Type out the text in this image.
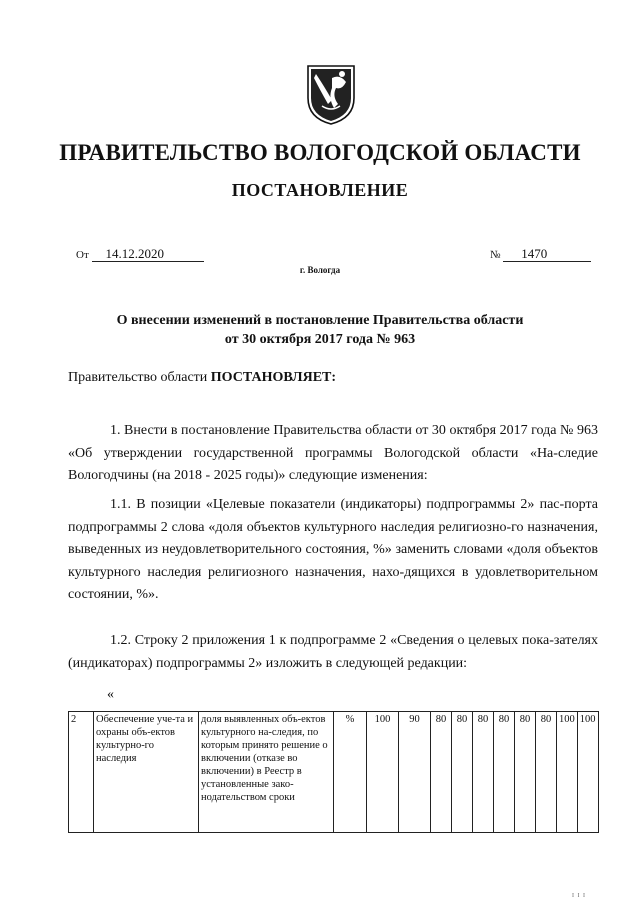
ПРАВИТЕЛЬСТВО ВОЛОГОДСКОЙ ОБЛАСТИ
ПОСТАНОВЛЕНИЕ
От 14.12.2020	№ 1470
г. Вологда
О внесении изменений в постановление Правительства области
от 30 октября 2017 года № 963
Правительство области ПОСТАНОВЛЯЕТ:
1. Внести в постановление Правительства области от 30 октября 2017 года № 963 «Об утверждении государственной программы Вологодской области «На-следие Вологодчины (на 2018 - 2025 годы)» следующие изменения:
1.1. В позиции «Целевые показатели (индикаторы) подпрограммы 2» пас-порта подпрограммы 2 слова «доля объектов культурного наследия религиозно-го назначения, выведенных из неудовлетворительного состояния, %» заменить словами «доля объектов культурного наследия религиозного назначения, нахо-дящихся в удовлетворительном состоянии, %».
1.2. Строку 2 приложения 1 к подпрограмме 2 «Сведения о целевых пока-зателях (индикаторах) подпрограммы 2» изложить в следующей редакции:
«
2	Обеспечение уче-та и охраны объ-ектов культурно-го наследия	доля выявленных объ-ектов культурного на-следия, по которым принято решение о включении (отказе во включении) в Реестр в установленные зако-нодательством сроки	%	100	90	80	80	80	80	80	80	100	100
I I I
